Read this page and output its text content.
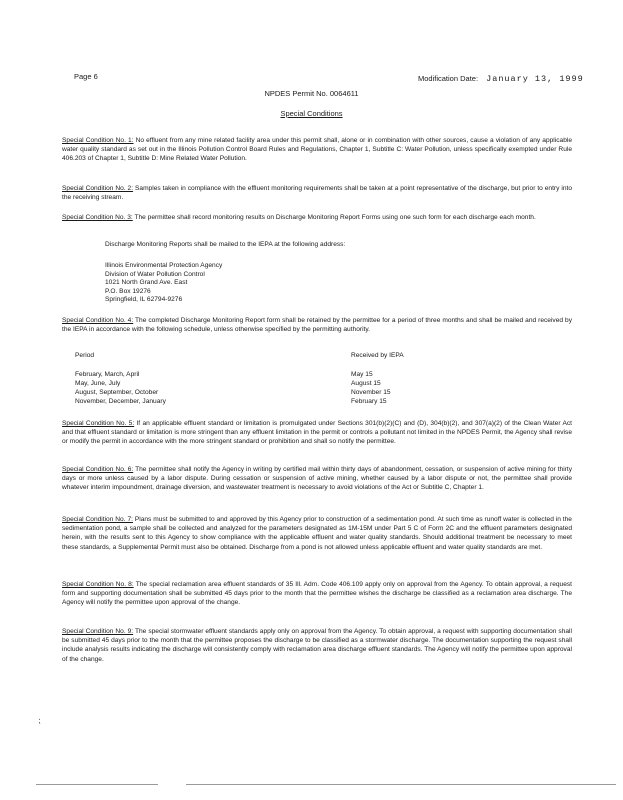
Page 6	Modification Date: January 13, 1999
NPDES Permit No. 0064611
Special Conditions

Special Condition No. 1: No effluent from any mine related facility area under this permit shall, alone or in combination with other sources, cause a violation of any applicable water quality standard as set out in the Illinois Pollution Control Board Rules and Regulations, Chapter 1, Subtitle C: Water Pollution, unless specifically exempted under Rule 406.203 of Chapter 1, Subtitle D: Mine Related Water Pollution.

Special Condition No. 2: Samples taken in compliance with the effluent monitoring requirements shall be taken at a point representative of the discharge, but prior to entry into the receiving stream.

Special Condition No. 3: The permittee shall record monitoring results on Discharge Monitoring Report Forms using one such form for each discharge each month.

Discharge Monitoring Reports shall be mailed to the IEPA at the following address:
Illinois Environmental Protection Agency
Division of Water Pollution Control
1021 North Grand Ave. East
P.O. Box 19276
Springfield, IL 62794-9276

Special Condition No. 4: The completed Discharge Monitoring Report form shall be retained by the permittee for a period of three months and shall be mailed and received by the IEPA in accordance with the following schedule, unless otherwise specified by the permitting authority.

Period	Received by IEPA
February, March, April	May 15
May, June, July	August 15
August, September, October	November 15
November, December, January	February 15

Special Condition No. 5: If an applicable effluent standard or limitation is promulgated under Sections 301(b)(2)(C) and (D), 304(b)(2), and 307(a)(2) of the Clean Water Act and that effluent standard or limitation is more stringent than any effluent limitation in the permit or controls a pollutant not limited in the NPDES Permit, the Agency shall revise or modify the permit in accordance with the more stringent standard or prohibition and shall so notify the permittee.

Special Condition No. 6: The permittee shall notify the Agency in writing by certified mail within thirty days of abandonment, cessation, or suspension of active mining for thirty days or more unless caused by a labor dispute. During cessation or suspension of active mining, whether caused by a labor dispute or not, the permittee shall provide whatever interim impoundment, drainage diversion, and wastewater treatment is necessary to avoid violations of the Act or Subtitle C, Chapter 1.

Special Condition No. 7: Plans must be submitted to and approved by this Agency prior to construction of a sedimentation pond. At such time as runoff water is collected in the sedimentation pond, a sample shall be collected and analyzed for the parameters designated as 1M-15M under Part 5 C of Form 2C and the effluent parameters designated herein, with the results sent to this Agency to show compliance with the applicable effluent and water quality standards. Should additional treatment be necessary to meet these standards, a Supplemental Permit must also be obtained. Discharge from a pond is not allowed unless applicable effluent and water quality standards are met.

Special Condition No. 8: The special reclamation area effluent standards of 35 Ill. Adm. Code 406.109 apply only on approval from the Agency. To obtain approval, a request form and supporting documentation shall be submitted 45 days prior to the month that the permittee wishes the discharge be classified as a reclamation area discharge. The Agency will notify the permittee upon approval of the change.

Special Condition No. 9: The special stormwater effluent standards apply only on approval from the Agency. To obtain approval, a request with supporting documentation shall be submitted 45 days prior to the month that the permittee proposes the discharge to be classified as a stormwater discharge. The documentation supporting the request shall include analysis results indicating the discharge will consistently comply with reclamation area discharge effluent standards. The Agency will notify the permittee upon approval of the change.

⁏
